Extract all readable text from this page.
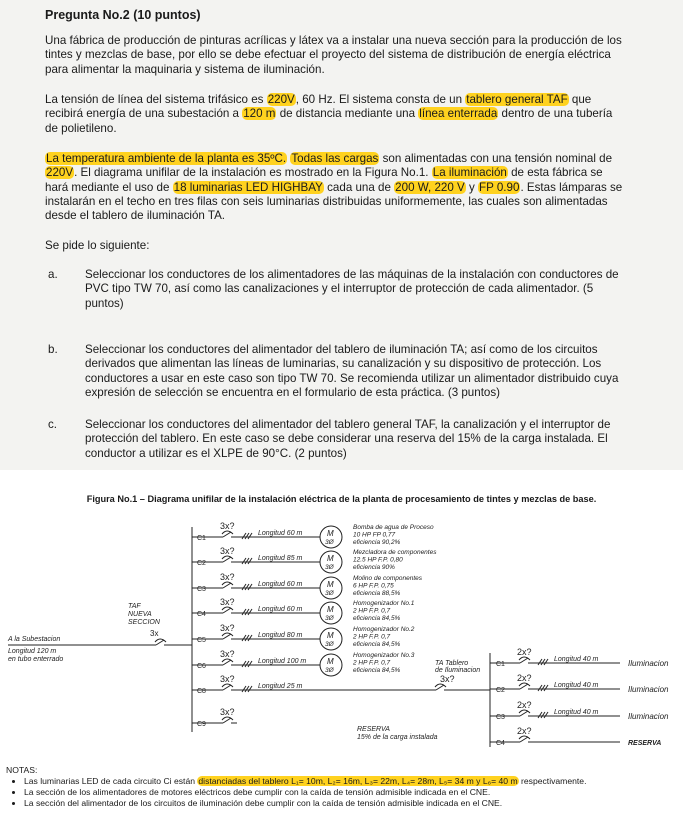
Pregunta No.2 (10 puntos)
Una fábrica de producción de pinturas acrílicas y látex va a instalar una nueva sección para la producción de los tintes y mezclas de base, por ello se debe efectuar el proyecto del sistema de distribución de energía eléctrica para alimentar la maquinaria y sistema de iluminación.
La tensión de línea del sistema trifásico es 220V, 60 Hz. El sistema consta de un tablero general TAF que recibirá energía de una subestación a 120 m de distancia mediante una línea enterrada dentro de una tubería de polietileno.
La temperatura ambiente de la planta es 35ºC. Todas las cargas son alimentadas con una tensión nominal de 220V. El diagrama unifilar de la instalación es mostrado en la Figura No.1. La iluminación de esta fábrica se hará mediante el uso de 18 luminarias LED HIGHBAY cada una de 200 W, 220 V y FP 0.90. Estas lámparas se instalarán en el techo en tres filas con seis luminarias distribuidas uniformemente, las cuales son alimentadas desde el tablero de iluminación TA.
Se pide lo siguiente:
a. Seleccionar los conductores de los alimentadores de las máquinas de la instalación con conductores de PVC tipo TW 70, así como las canalizaciones y el interruptor de protección de cada alimentador. (5 puntos)
b. Seleccionar los conductores del alimentador del tablero de iluminación TA; así como de los circuitos derivados que alimentan las líneas de luminarias, su canalización y su dispositivo de protección. Los conductores a usar en este caso son tipo TW 70. Se recomienda utilizar un alimentador distribuido cuya expresión de selección se encuentra en el formulario de esta práctica. (3 puntos)
c. Seleccionar los conductores del alimentador del tablero general TAF, la canalización y el interruptor de protección del tablero. En este caso se debe considerar una reserva del 15% de la carga instalada. El conductor a utilizar es el XLPE de 90°C. (2 puntos)
Figura No.1 – Diagrama unifilar de la instalación eléctrica de la planta de procesamiento de tintes y mezclas de base.
A la Subestacion
Longitud 120 m
en tubo enterrado
3x
TAF
NUEVA
SECCION
C1
3x?
Longitud 60 m	M
3Ø
Bomba de agua de Proceso
10 HP FP 0,77
eficiencia 90,2%
C2
3x?
Longitud 85 m	M
3Ø
Mezcladora de componentes
12.5 HP F.P. 0,80
eficiencia 90%
C3
3x?
Longitud 60 m	M
3Ø
Molino de componentes
6 HP F.P. 0,75
eficiencia 88,5%
C4
3x?
Longitud 60 m	M
3Ø
Homogenizador No.1
2 HP F.P. 0,7
eficiencia 84,5%
C5
3x?
Longitud 80 m	M
3Ø
Homogenizador No.2
2 HP F.P. 0,7
eficiencia 84,5%
C6
3x?
Longitud 100 m	M
3Ø
Homogenizador No.3
2 HP F.P. 0,7
eficiencia 84,5%
C8
3x?
Longitud 25 m
3x?
TA Tablero
de Iluminacion
C9
3x?
RESERVA
15% de la carga instalada
C1
2x?
Longitud 40 m	Iluminacion
C2
2x?
Longitud 40 m	Iluminacion
C3
2x?
Longitud 40 m	Iluminacion
C4
2x?
RESERVA
NOTAS:
• Las luminarias LED de cada circuito Ci están distanciadas del tablero L₁= 10m, L₂= 16m, L₃= 22m, L₄= 28m, L₅= 34 m y L₆= 40 m respectivamente.
• La sección de los alimentadores de motores eléctricos debe cumplir con la caída de tensión admisible indicada en el CNE.
• La sección del alimentador de los circuitos de iluminación debe cumplir con la caída de tensión admisible indicada en el CNE.
